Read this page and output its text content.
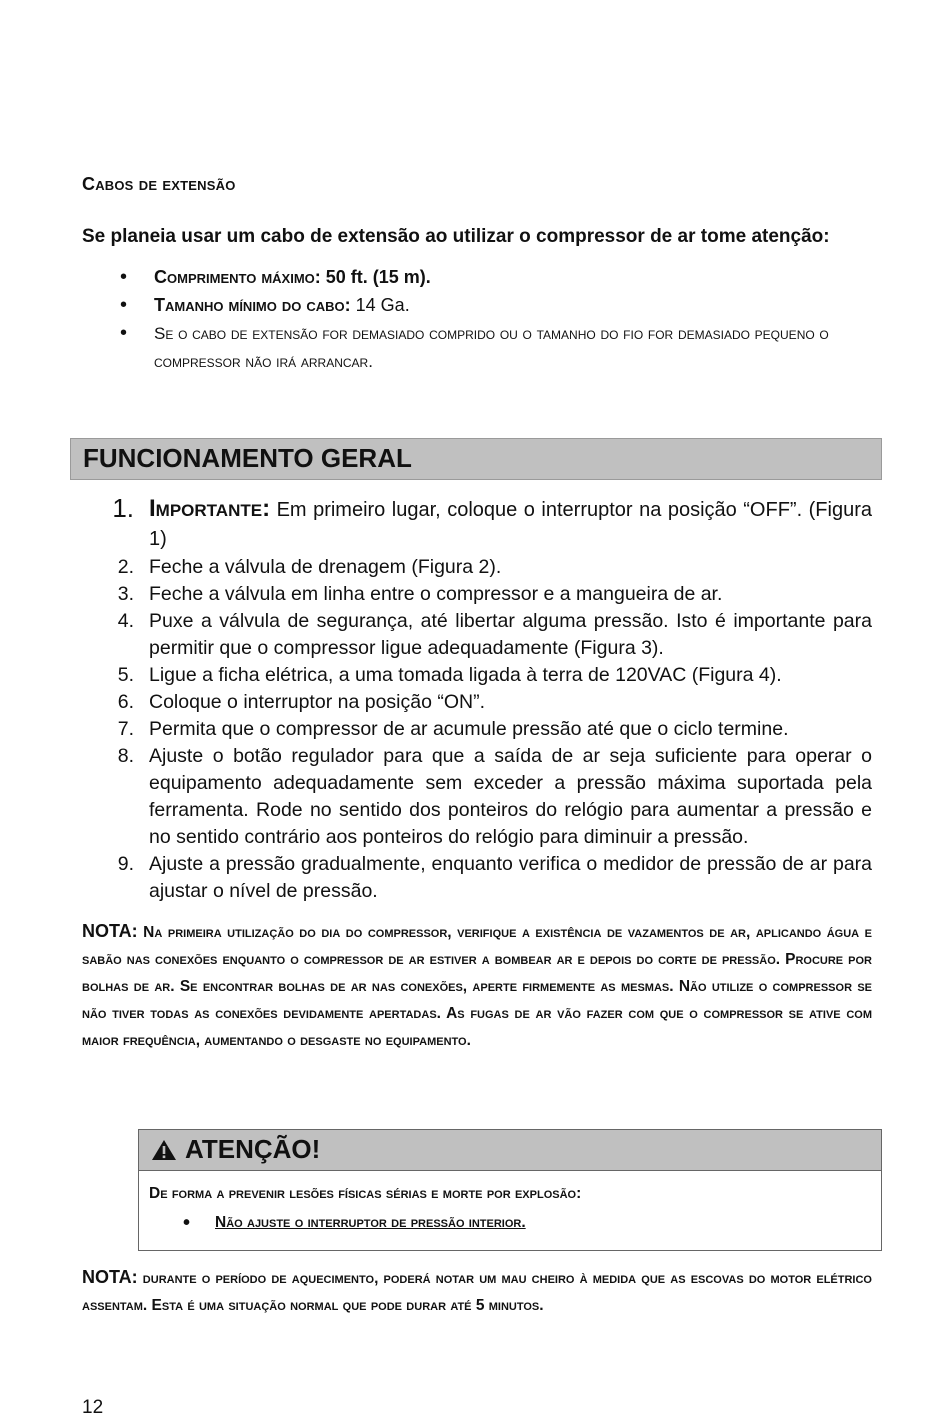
Cabos de extensão
Se planeia usar um cabo de extensão ao utilizar o compressor de ar tome atenção:
• Comprimento máximo: 50 ft. (15 m).
• Tamanho mínimo do cabo: 14 Ga.
• Se o cabo de extensão for demasiado comprido ou o tamanho do fio for demasiado pequeno o compressor não irá arrancar.
FUNCIONAMENTO GERAL
1. Importante: Em primeiro lugar, coloque o interruptor na posição “OFF”. (Figura 1)
2. Feche a válvula de drenagem (Figura 2).
3. Feche a válvula em linha entre o compressor e a mangueira de ar.
4. Puxe a válvula de segurança, até libertar alguma pressão. Isto é importante para permitir que o compressor ligue adequadamente (Figura 3).
5. Ligue a ficha elétrica, a uma tomada ligada à terra de 120VAC (Figura 4).
6. Coloque o interruptor na posição “ON”.
7. Permita que o compressor de ar acumule pressão até que o ciclo termine.
8. Ajuste o botão regulador para que a saída de ar seja suficiente para operar o equipamento adequadamente sem exceder a pressão máxima suportada pela ferramenta. Rode no sentido dos ponteiros do relógio para aumentar a pressão e no sentido contrário aos ponteiros do relógio para diminuir a pressão.
9. Ajuste a pressão gradualmente, enquanto verifica o medidor de pressão de ar para ajustar o nível de pressão.
NOTA: Na primeira utilização do dia do compressor, verifique a existência de vazamentos de ar, aplicando água e sabão nas conexões enquanto o compressor de ar estiver a bombear ar e depois do corte de pressão. Procure por bolhas de ar. Se encontrar bolhas de ar nas conexões, aperte firmemente as mesmas. Não utilize o compressor se não tiver todas as conexões devidamente apertadas. As fugas de ar vão fazer com que o compressor se ative com maior frequência, aumentando o desgaste no equipamento.
ATENÇÃO!
De forma a prevenir lesões físicas sérias e morte por explosão:
• Não ajuste o interruptor de pressão interior.
NOTA: durante o período de aquecimento, poderá notar um mau cheiro à medida que as escovas do motor elétrico assentam. Esta é uma situação normal que pode durar até 5 minutos.
12
